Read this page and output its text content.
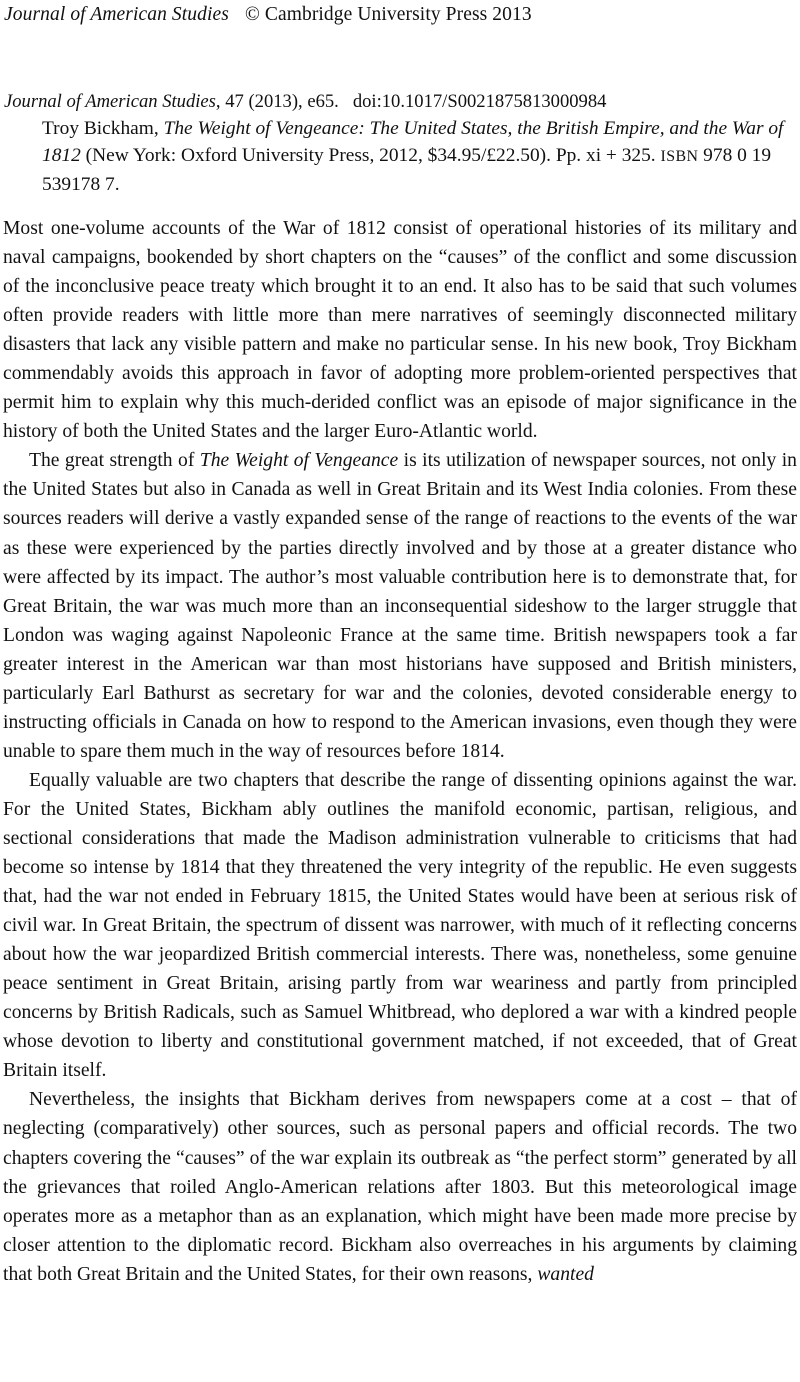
Journal of American Studies © Cambridge University Press 2013
Journal of American Studies, 47 (2013), e65. doi:10.1017/S0021875813000984
Troy Bickham, The Weight of Vengeance: The United States, the British Empire, and the War of 1812 (New York: Oxford University Press, 2012, $34.95/£22.50). Pp. xi + 325. ISBN 978 0 19 539178 7.

Most one-volume accounts of the War of 1812 consist of operational histories of its military and naval campaigns, bookended by short chapters on the “causes” of the conflict and some discussion of the inconclusive peace treaty which brought it to an end. It also has to be said that such volumes often provide readers with little more than mere narratives of seemingly disconnected military disasters that lack any visible pattern and make no particular sense. In his new book, Troy Bickham commendably avoids this approach in favor of adopting more problem-oriented perspectives that permit him to explain why this much-derided conflict was an episode of major significance in the history of both the United States and the larger Euro-Atlantic world.

The great strength of The Weight of Vengeance is its utilization of newspaper sources, not only in the United States but also in Canada as well in Great Britain and its West India colonies. From these sources readers will derive a vastly expanded sense of the range of reactions to the events of the war as these were experienced by the parties directly involved and by those at a greater distance who were affected by its impact. The author’s most valuable contribution here is to demonstrate that, for Great Britain, the war was much more than an inconsequential sideshow to the larger struggle that London was waging against Napoleonic France at the same time. British newspapers took a far greater interest in the American war than most historians have supposed and British ministers, particularly Earl Bathurst as secretary for war and the colonies, devoted considerable energy to instructing officials in Canada on how to respond to the American invasions, even though they were unable to spare them much in the way of resources before 1814.

Equally valuable are two chapters that describe the range of dissenting opinions against the war. For the United States, Bickham ably outlines the manifold economic, partisan, religious, and sectional considerations that made the Madison administration vulnerable to criticisms that had become so intense by 1814 that they threatened the very integrity of the republic. He even suggests that, had the war not ended in February 1815, the United States would have been at serious risk of civil war. In Great Britain, the spectrum of dissent was narrower, with much of it reflecting concerns about how the war jeopardized British commercial interests. There was, nonetheless, some genuine peace sentiment in Great Britain, arising partly from war weariness and partly from principled concerns by British Radicals, such as Samuel Whitbread, who deplored a war with a kindred people whose devotion to liberty and constitutional government matched, if not exceeded, that of Great Britain itself.

Nevertheless, the insights that Bickham derives from newspapers come at a cost – that of neglecting (comparatively) other sources, such as personal papers and official records. The two chapters covering the “causes” of the war explain its outbreak as “the perfect storm” generated by all the grievances that roiled Anglo-American relations after 1803. But this meteorological image operates more as a metaphor than as an explanation, which might have been made more precise by closer attention to the diplomatic record. Bickham also overreaches in his arguments by claiming that both Great Britain and the United States, for their own reasons, wanted
